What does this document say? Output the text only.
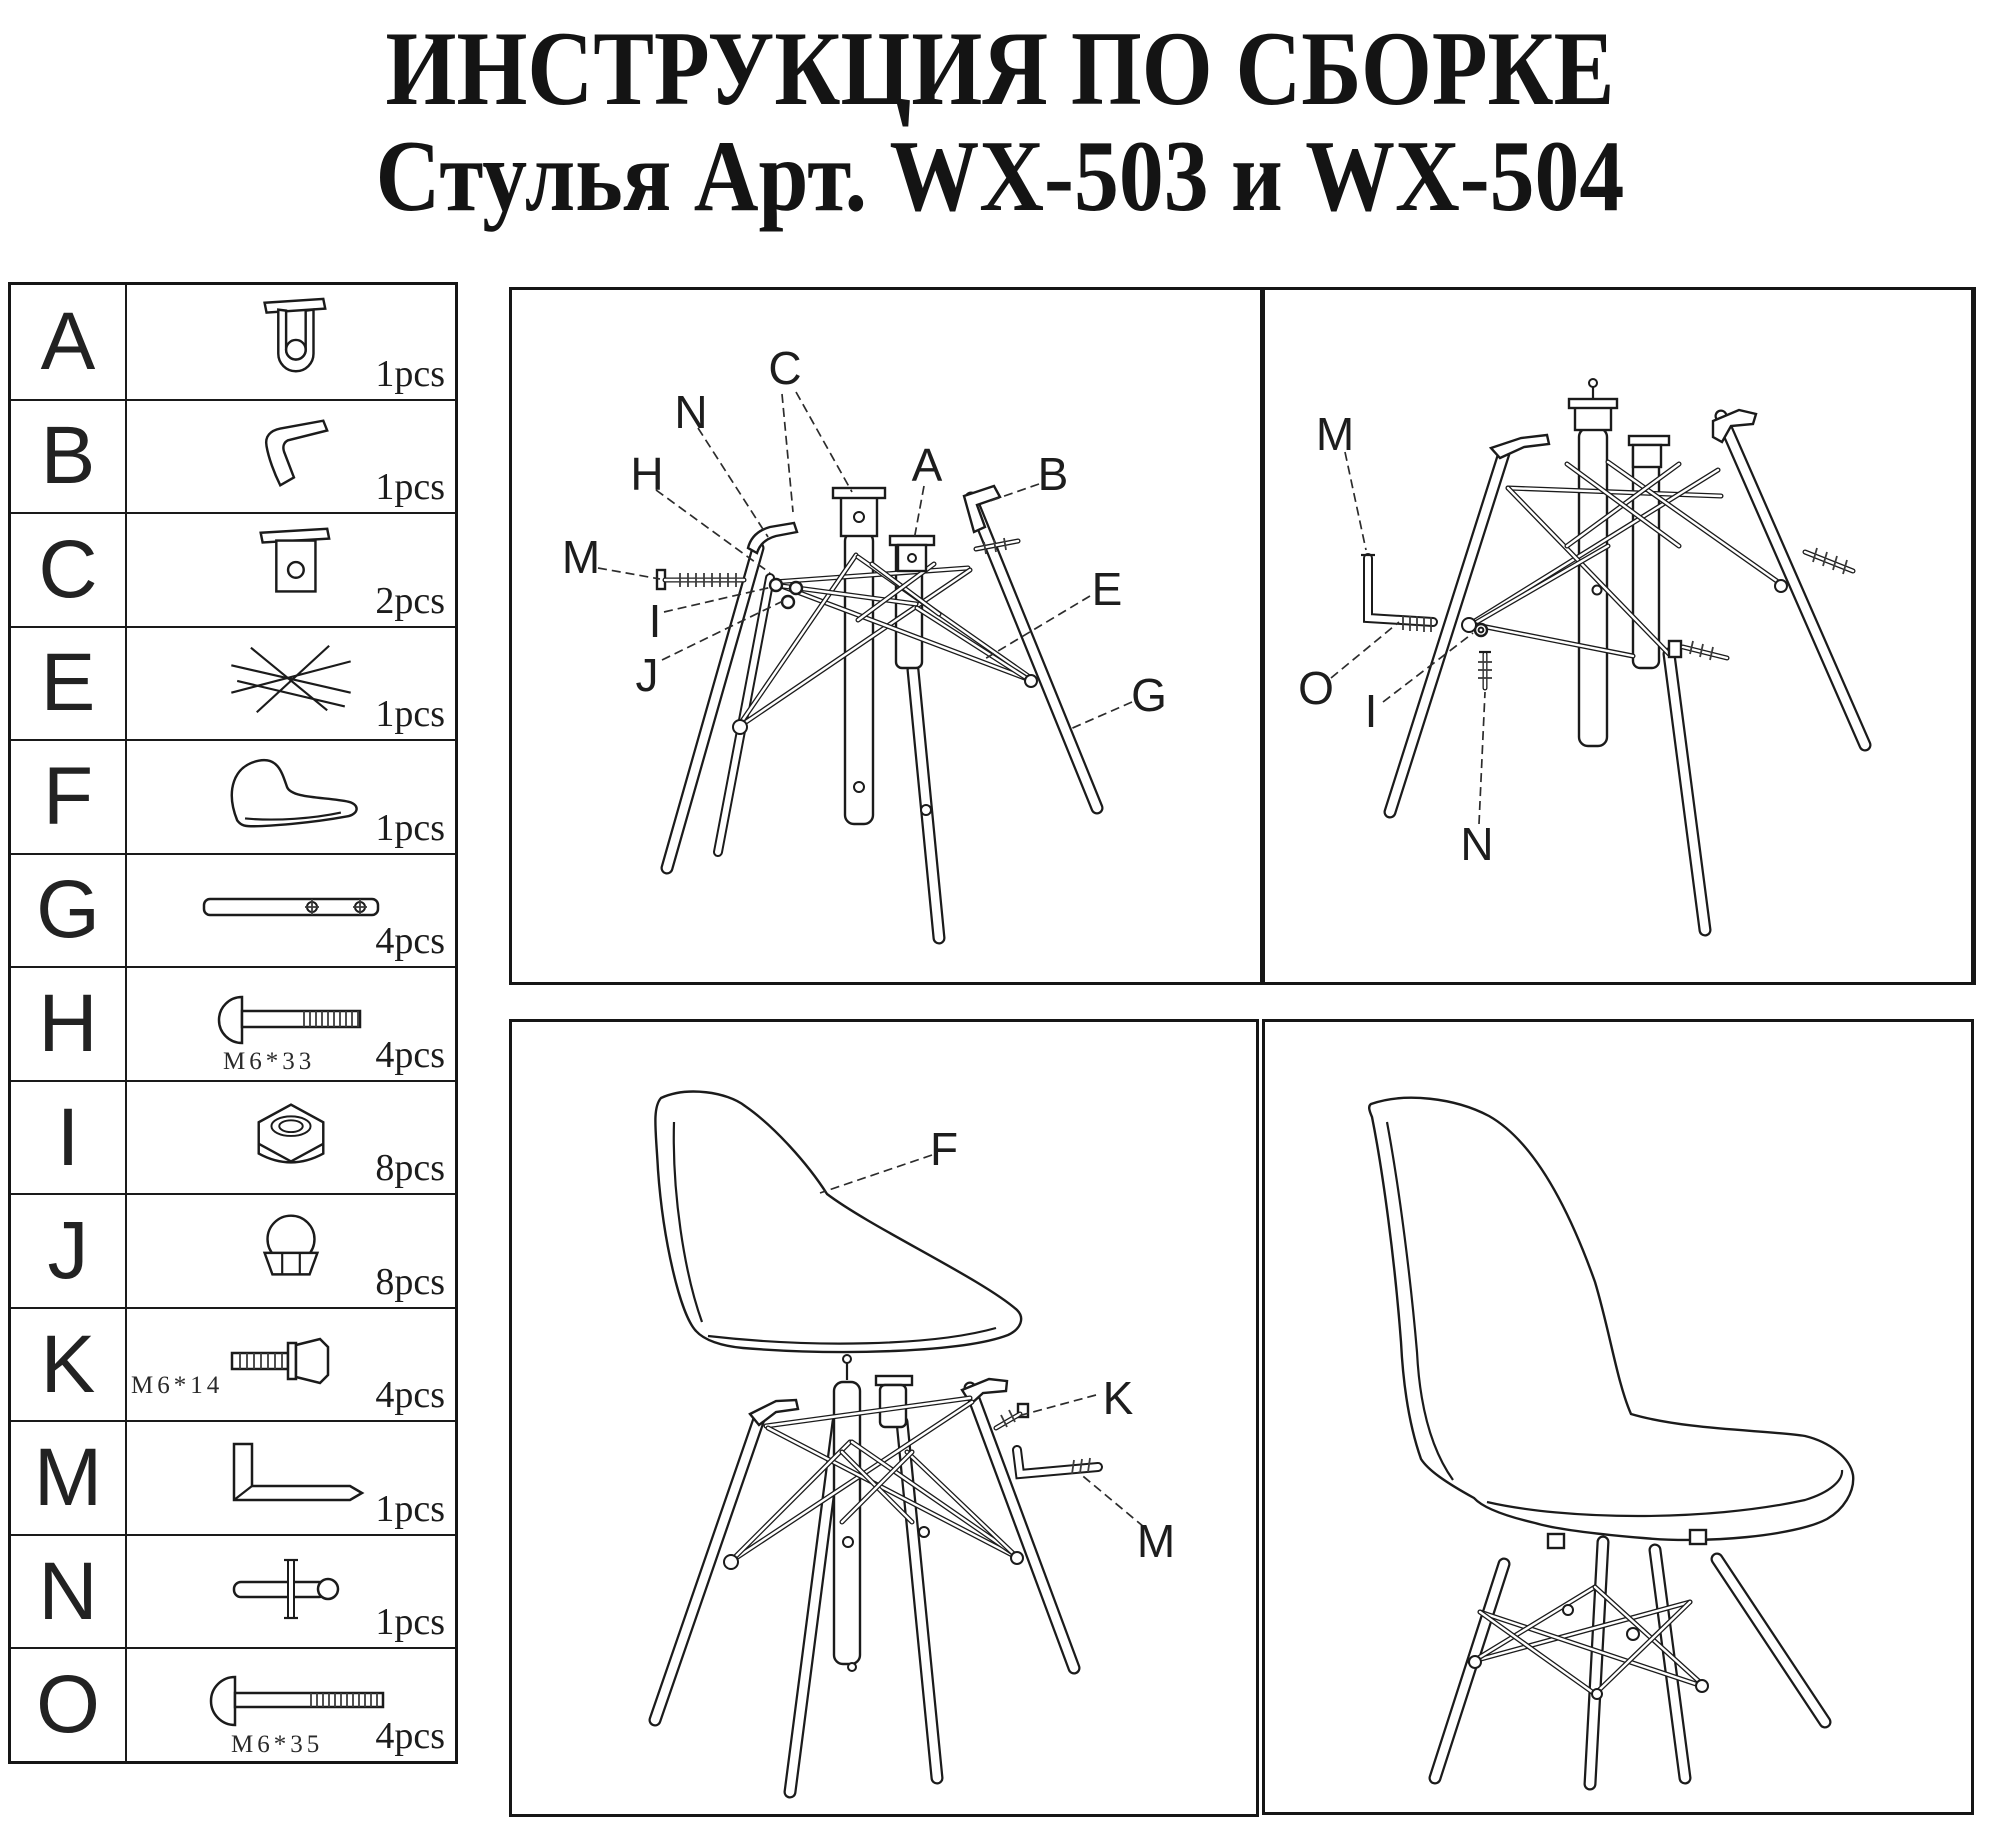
ИНСТРУКЦИЯ ПО СБОРКЕ
Стулья Арт. WX-503 и WX-504
A	1pcs
B	1pcs
C	2pcs
E	1pcs
F	1pcs
G	4pcs
H	M6*33 4pcs
I	8pcs
J	8pcs
K	M6*14	4pcs
M	1pcs
N	1pcs
O	M6*35 4pcs
C
N
H
M
I
J
A B
E
G
M
O I
N
F
K
M
